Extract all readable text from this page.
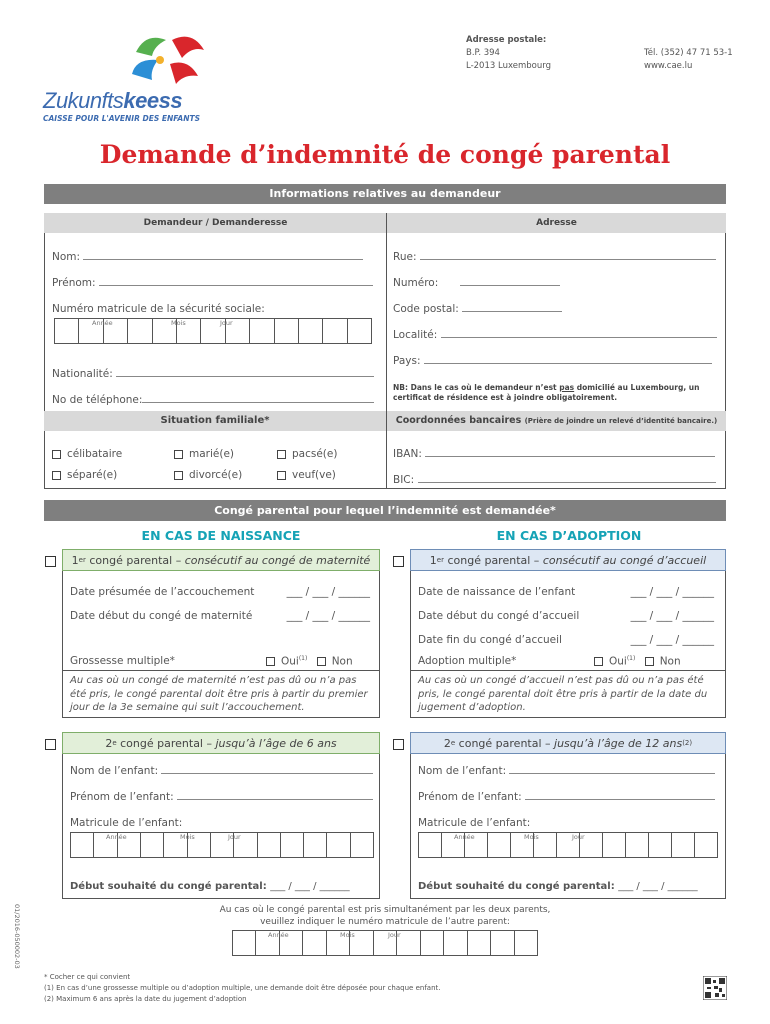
Zukunftskeess
CAISSE POUR L'AVENIR DES ENFANTS
Adresse postale:
B.P. 394
L-2013 Luxembourg
Tél. (352) 47 71 53-1
www.cae.lu
Demande d’indemnité de congé parental
Informations relatives au demandeur
Demandeur / Demanderesse	Adresse
Nom:
Prénom:
Numéro matricule de la sécurité sociale:
Année	Mois	Jour
Nationalité:
No de téléphone:
Rue:
Numéro:
Code postal:
Localité:
Pays:
NB: Dans le cas où le demandeur n’est pas domicilié au Luxembourg, un certificat de résidence est à joindre obligatoirement.
Situation familiale*	Coordonnées bancaires (Prière de joindre un relevé d’identité bancaire.)
célibataire	marié(e)	pacsé(e)
séparé(e)	divorcé(e)	veuf(ve)
IBAN:
BIC:
Congé parental pour lequel l’indemnité est demandée*
EN CAS DE NAISSANCE	EN CAS D’ADOPTION
1 er congé parental – consécutif au congé de maternité
Date présumée de l’accouchement	___ / ___ / ______
Date début du congé de maternité	___ / ___ / ______
Grossesse multiple*	Oui$^{(1)}$ Non
Au cas où un congé de maternité n’est pas dû ou n’a pas été pris, le congé parental doit être pris à partir du premier jour de la 3e semaine qui suit l’accouchement.
1 er congé parental – consécutif au congé d’accueil
Date de naissance de l’enfant	___ / ___ / ______
Date début du congé d’accueil	___ / ___ / ______
Date fin du congé d’accueil	___ / ___ / ______
Adoption multiple*	Oui$^{(1)}$ Non
Au cas où un congé d’accueil n’est pas dû ou n’a pas été pris, le congé parental doit être pris à partir de la date du jugement d’adoption.
2 e congé parental – jusqu’à l’âge de 6 ans
Nom de l’enfant:
Prénom de l’enfant:
Matricule de l’enfant:
Année	Mois	Jour
Début souhaité du congé parental: ___ / ___ / ______
2 e congé parental – jusqu’à l’âge de 12 ans (2)
Nom de l’enfant:
Prénom de l’enfant:
Matricule de l’enfant:
Année	Mois	Jour
Début souhaité du congé parental: ___ / ___ / ______
Au cas où le congé parental est pris simultanément par les deux parents,
veuillez indiquer le numéro matricule de l’autre parent:
Année	Mois	Jour
01/2016-050002-03
* Cocher ce qui convient
(1) En cas d’une grossesse multiple ou d’adoption multiple, une demande doit être déposée pour chaque enfant.
(2) Maximum 6 ans après la date du jugement d’adoption
